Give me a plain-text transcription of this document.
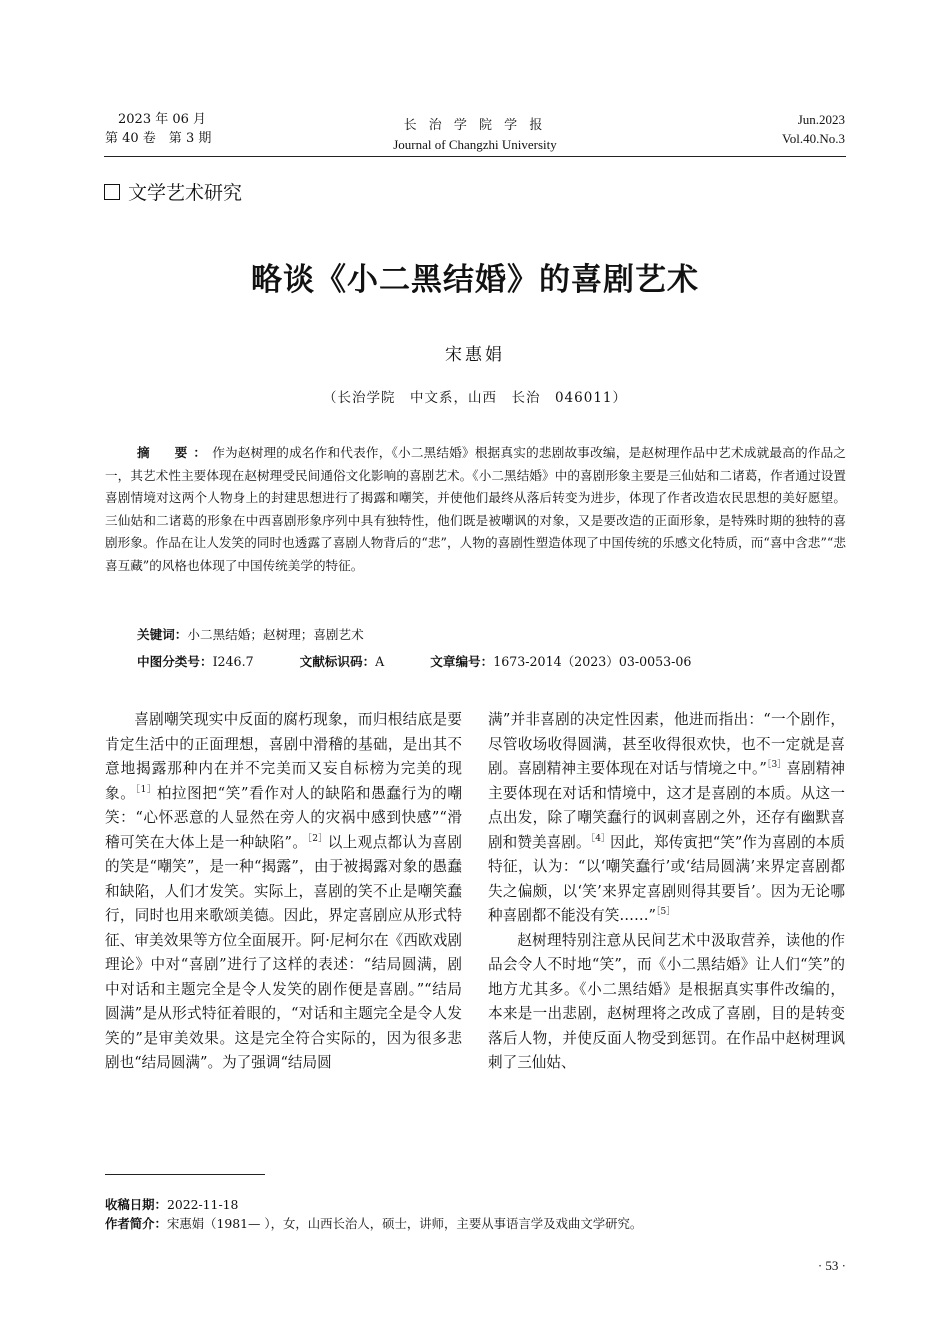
2023 年 06 月
第 40 卷　第 3 期
长 治 学 院 学 报
Journal of Changzhi University
Jun.2023
Vol.40.No.3
文学艺术研究
略谈《小二黑结婚》的喜剧艺术
宋惠娟
（长治学院　中文系，山西　长治　046011）
摘　要：作为赵树理的成名作和代表作，《小二黑结婚》根据真实的悲剧故事改编，是赵树理作品中艺术成就最高的作品之一，其艺术性主要体现在赵树理受民间通俗文化影响的喜剧艺术。《小二黑结婚》中的喜剧形象主要是三仙姑和二诸葛，作者通过设置喜剧情境对这两个人物身上的封建思想进行了揭露和嘲笑，并使他们最终从落后转变为进步，体现了作者改造农民思想的美好愿望。三仙姑和二诸葛的形象在中西喜剧形象序列中具有独特性，他们既是被嘲讽的对象，又是要改造的正面形象，是特殊时期的独特的喜剧形象。作品在让人发笑的同时也透露了喜剧人物背后的“悲”，人物的喜剧性塑造体现了中国传统的乐感文化特质，而“喜中含悲”“悲喜互藏”的风格也体现了中国传统美学的特征。
关键词：小二黑结婚；赵树理；喜剧艺术
中图分类号：I246.7	文献标识码：A	文章编号：1673-2014（2023）03-0053-06

喜剧嘲笑现实中反面的腐朽现象，而归根结底是要肯定生活中的正面理想，喜剧中滑稽的基础，是出其不意地揭露那种内在并不完美而又妄自标榜为完美的现象。$^{[1]}$柏拉图把“笑”看作对人的缺陷和愚蠢行为的嘲笑：“心怀恶意的人显然在旁人的灾祸中感到快感”“滑稽可笑在大体上是一种缺陷”。$^{[2]}$以上观点都认为喜剧的笑是“嘲笑”，是一种“揭露”，由于被揭露对象的愚蠢和缺陷，人们才发笑。实际上，喜剧的笑不止是嘲笑蠢行，同时也用来歌颂美德。因此，界定喜剧应从形式特征、审美效果等方位全面展开。阿·尼柯尔在《西欧戏剧理论》中对“喜剧”进行了这样的表述：“结局圆满，剧中对话和主题完全是令人发笑的剧作便是喜剧。”“结局圆满”是从形式特征着眼的，“对话和主题完全是令人发笑的”是审美效果。这是完全符合实际的，因为很多悲剧也“结局圆满”。为了强调“结局圆

满”并非喜剧的决定性因素，他进而指出：“一个剧作，尽管收场收得圆满，甚至收得很欢快，也不一定就是喜剧。喜剧精神主要体现在对话与情境之中。”$^{[3]}$喜剧精神主要体现在对话和情境中，这才是喜剧的本质。从这一点出发，除了嘲笑蠢行的讽刺喜剧之外，还存有幽默喜剧和赞美喜剧。$^{[4]}$因此，郑传寅把“笑”作为喜剧的本质特征，认为：“以‘嘲笑蠢行’或‘结局圆满’来界定喜剧都失之偏颇，以‘笑’来界定喜剧则得其要旨’。因为无论哪种喜剧都不能没有笑……”$^{[5]}$

赵树理特别注意从民间艺术中汲取营养，读他的作品会令人不时地“笑”，而《小二黑结婚》让人们“笑”的地方尤其多。《小二黑结婚》是根据真实事件改编的，本来是一出悲剧，赵树理将之改成了喜剧，目的是转变落后人物，并使反面人物受到惩罚。在作品中赵树理讽刺了三仙姑、

收稿日期：2022-11-18
作者简介：宋惠娟（1981— ），女，山西长治人，硕士，讲师，主要从事语言学及戏曲文学研究。
· 53 ·
